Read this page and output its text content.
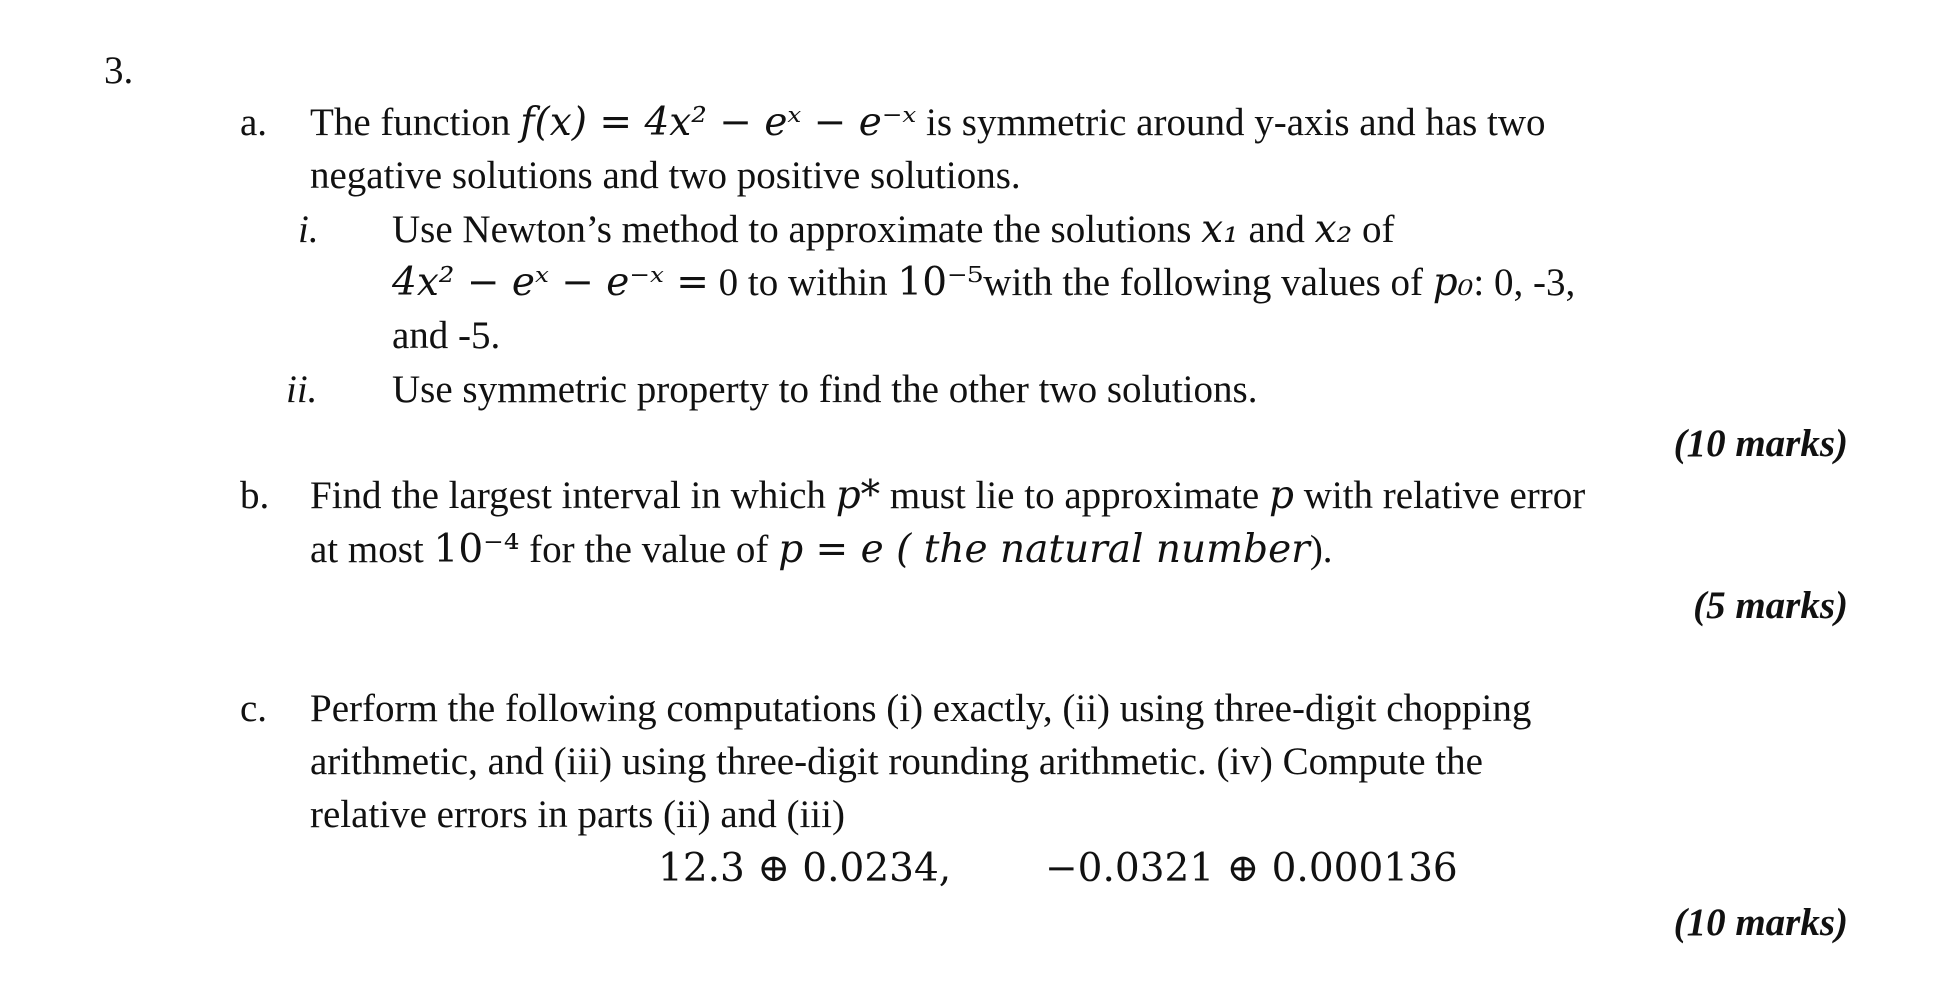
3.
a. The function f(x) = 4x² − eˣ − e⁻ˣ is symmetric around y-axis and has two
negative solutions and two positive solutions.
i. Use Newton’s method to approximate the solutions x₁ and x₂ of
4x² − eˣ − e⁻ˣ = 0 to within 10⁻⁵with the following values of p₀: 0, -3,
and -5.
ii. Use symmetric property to find the other two solutions.
(10 marks)
b. Find the largest interval in which p* must lie to approximate p with relative error
at most 10⁻⁴ for the value of p = e ( the natural number).
(5 marks)
c. Perform the following computations (i) exactly, (ii) using three-digit chopping
arithmetic, and (iii) using three-digit rounding arithmetic. (iv) Compute the
relative errors in parts (ii) and (iii)
12.3 ⊕ 0.0234, −0.0321 ⊕ 0.000136
(10 marks)
